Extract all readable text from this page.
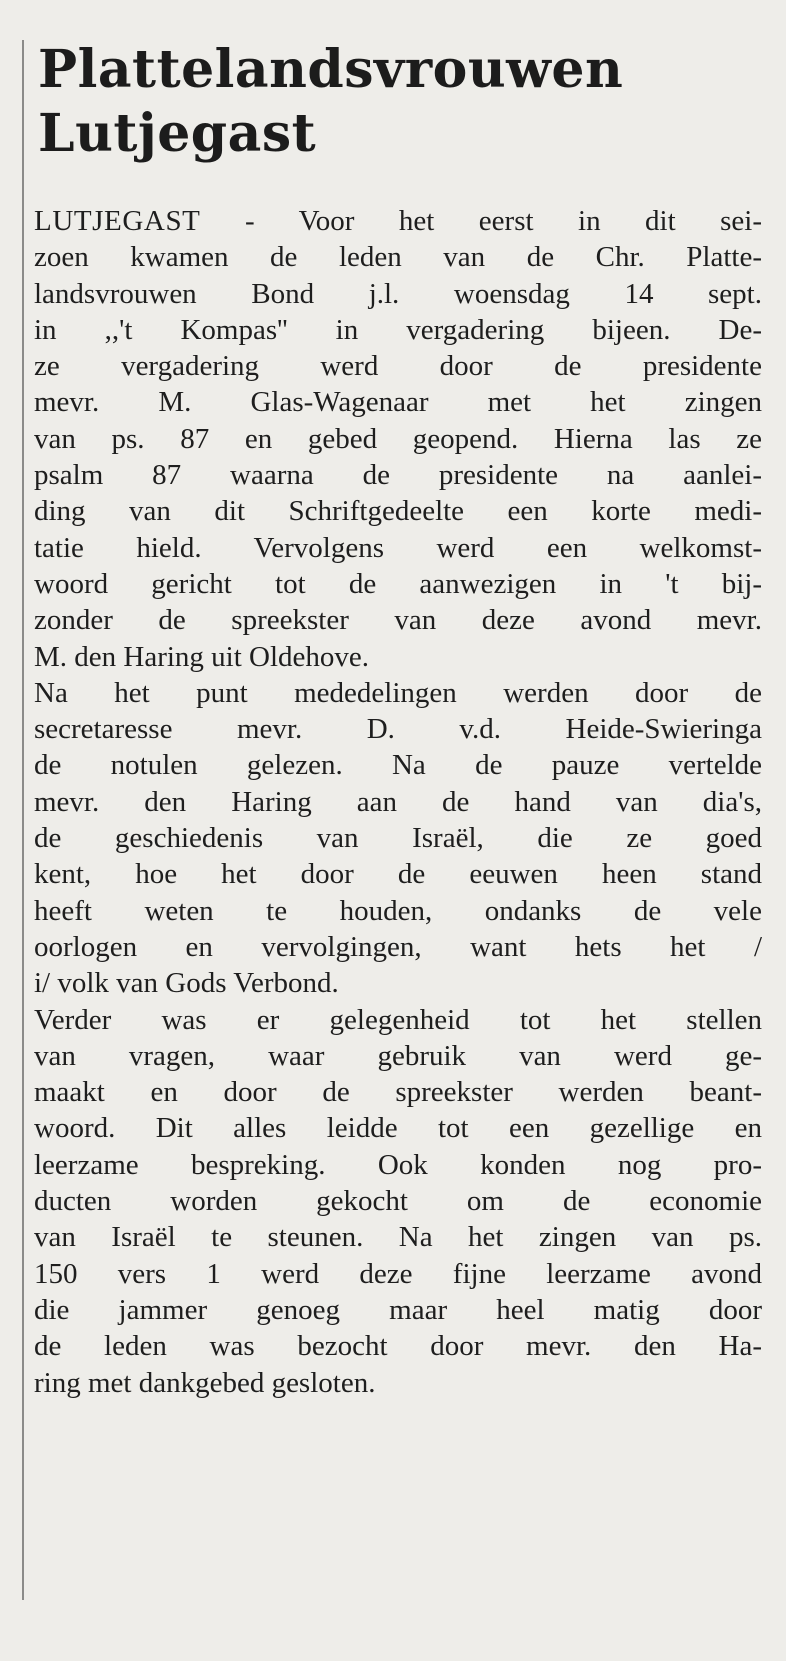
Plattelandsvrouwen
Lutjegast

LUTJEGAST - Voor het eerst in dit sei-
zoen kwamen de leden van de Chr. Platte-
landsvrouwen Bond j.l. woensdag 14 sept.
in ,,'t Kompas'' in vergadering bijeen. De-
ze vergadering werd door de presidente
mevr. M. Glas-Wagenaar met het zingen
van ps. 87 en gebed geopend. Hierna las ze
psalm 87 waarna de presidente na aanlei-
ding van dit Schriftgedeelte een korte medi-
tatie hield. Vervolgens werd een welkomst-
woord gericht tot de aanwezigen in 't bij-
zonder de spreekster van deze avond mevr.
M. den Haring uit Oldehove.

Na het punt mededelingen werden door de
secretaresse mevr. D. v.d. Heide-Swieringa
de notulen gelezen. Na de pauze vertelde
mevr. den Haring aan de hand van dia's,
de geschiedenis van Israël, die ze goed
kent, hoe het door de eeuwen heen stand
heeft weten te houden, ondanks de vele
oorlogen en vervolgingen, want hets het /
i/ volk van Gods Verbond.

Verder was er gelegenheid tot het stellen
van vragen, waar gebruik van werd ge-
maakt en door de spreekster werden beant-
woord. Dit alles leidde tot een gezellige en
leerzame bespreking. Ook konden nog pro-
ducten worden gekocht om de economie
van Israël te steunen. Na het zingen van ps.
150 vers 1 werd deze fijne leerzame avond
die jammer genoeg maar heel matig door
de leden was bezocht door mevr. den Ha-
ring met dankgebed gesloten.
